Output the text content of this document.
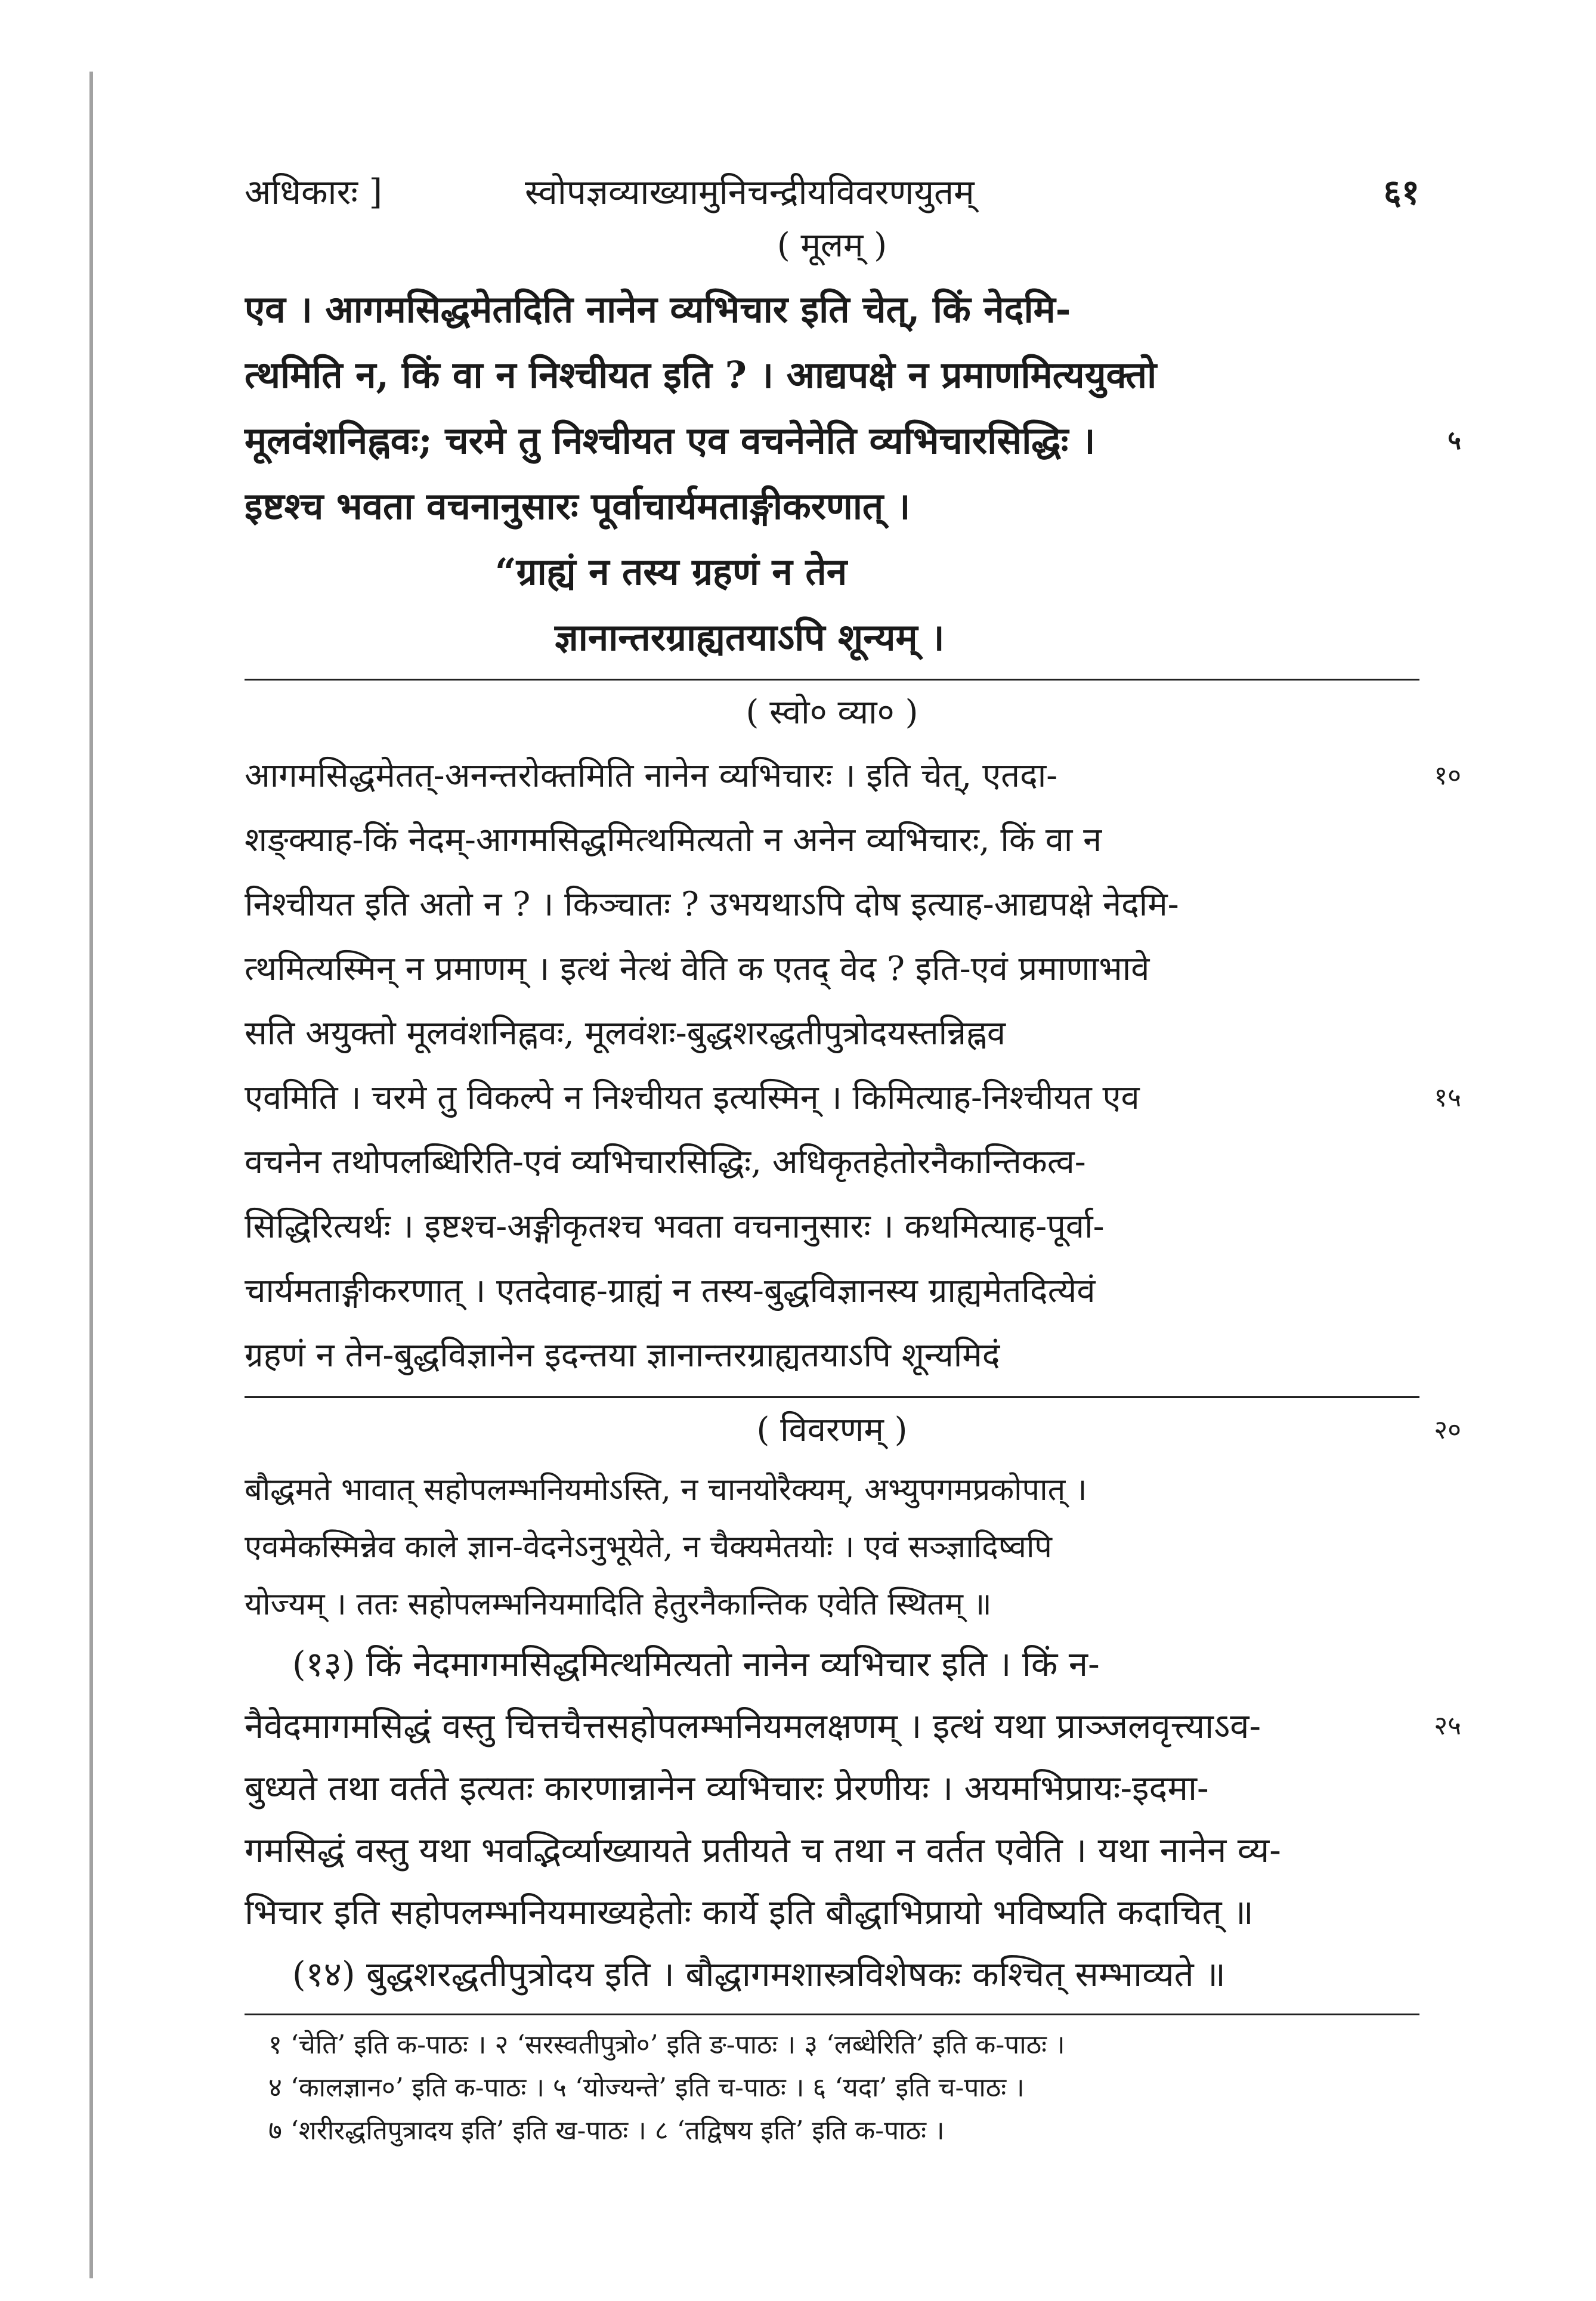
अधिकारः ]	स्वोपज्ञव्याख्यामुनिचन्द्रीयविवरणयुतम्	६१
( मूलम् )
एव । आगमसिद्धमेतदिति नानेन व्यभिचार इति चेत्, किं नेदमि-
त्थमिति न, किं वा न निश्चीयत इति ? । आद्यपक्षे न प्रमाणमित्ययुक्तो
मूलवंशनिह्नवः; चरमे तु निश्चीयत एव वचनेनेति व्यभिचारसिद्धिः ।	५
इष्टश्च भवता वचनानुसारः पूर्वाचार्यमताङ्गीकरणात् ।
“ग्राह्यं न तस्य ग्रहणं न तेन
ज्ञानान्तरग्राह्यतयाऽपि शून्यम् ।
( स्वो० व्या० )
आगमसिद्धमेतत्-अनन्तरोक्तमिति नानेन व्यभिचारः । इति चेत्, एतदा-	१०
शङ्क्याह-किं नेदम्-आगमसिद्धमित्थमित्यतो न अनेन व्यभिचारः, किं वा न
निश्चीयत इति अतो न ? । किञ्चातः ? उभयथाऽपि दोष इत्याह-आद्यपक्षे नेदमि-
त्थमित्यस्मिन् न प्रमाणम् । इत्थं नेत्थं वेति क एतद् वेद ? इति-एवं प्रमाणाभावे
सति अयुक्तो मूलवंशनिह्नवः, मूलवंशः-बुद्धशरद्धतीपुत्रोदयस्तन्निह्नव
एवमिति । चरमे तु विकल्पे न निश्चीयत इत्यस्मिन् । किमित्याह-निश्चीयत एव	१५
वचनेन तथोपलब्धिरिति-एवं व्यभिचारसिद्धिः, अधिकृतहेतोरनैकान्तिकत्व-
सिद्धिरित्यर्थः । इष्टश्च-अङ्गीकृतश्च भवता वचनानुसारः । कथमित्याह-पूर्वा-
चार्यमताङ्गीकरणात् । एतदेवाह-ग्राह्यं न तस्य-बुद्धविज्ञानस्य ग्राह्यमेतदित्येवं
ग्रहणं न तेन-बुद्धविज्ञानेन इदन्तया ज्ञानान्तरग्राह्यतयाऽपि शून्यमिदं
( विवरणम् )	२०
बौद्धमते भावात् सहोपलम्भनियमोऽस्ति, न चानयोरैक्यम्, अभ्युपगमप्रकोपात् ।
एवमेकस्मिन्नेव काले ज्ञान-वेदनेऽनुभूयेते, न चैक्यमेतयोः । एवं सञ्ज्ञादिष्वपि
योज्यम् । ततः सहोपलम्भनियमादिति हेतुरनैकान्तिक एवेति स्थितम् ॥
(१३) किं नेदमागमसिद्धमित्थमित्यतो नानेन व्यभिचार इति । किं न-
नैवेदमागमसिद्धं वस्तु चित्तचैत्तसहोपलम्भनियमलक्षणम् । इत्थं यथा प्राञ्जलवृत्त्याऽव-	२५
बुध्यते तथा वर्तते इत्यतः कारणान्नानेन व्यभिचारः प्रेरणीयः । अयमभिप्रायः-इदमा-
गमसिद्धं वस्तु यथा भवद्भिर्व्याख्यायते प्रतीयते च तथा न वर्तत एवेति । यथा नानेन व्य-
भिचार इति सहोपलम्भनियमाख्यहेतोः कार्ये इति बौद्धाभिप्रायो भविष्यति कदाचित् ॥
(१४) बुद्धशरद्धतीपुत्रोदय इति । बौद्धागमशास्त्रविशेषकः कश्चित् सम्भाव्यते ॥
१ ‘चेति’ इति क-पाठः । २ ‘सरस्वतीपुत्रो०’ इति ङ-पाठः । ३ ‘लब्धेरिति’ इति क-पाठः ।
४ ‘कालज्ञान०’ इति क-पाठः । ५ ‘योज्यन्ते’ इति च-पाठः । ६ ‘यदा’ इति च-पाठः ।
७ ‘शरीरद्धतिपुत्रादय इति’ इति ख-पाठः । ८ ‘तद्विषय इति’ इति क-पाठः ।
